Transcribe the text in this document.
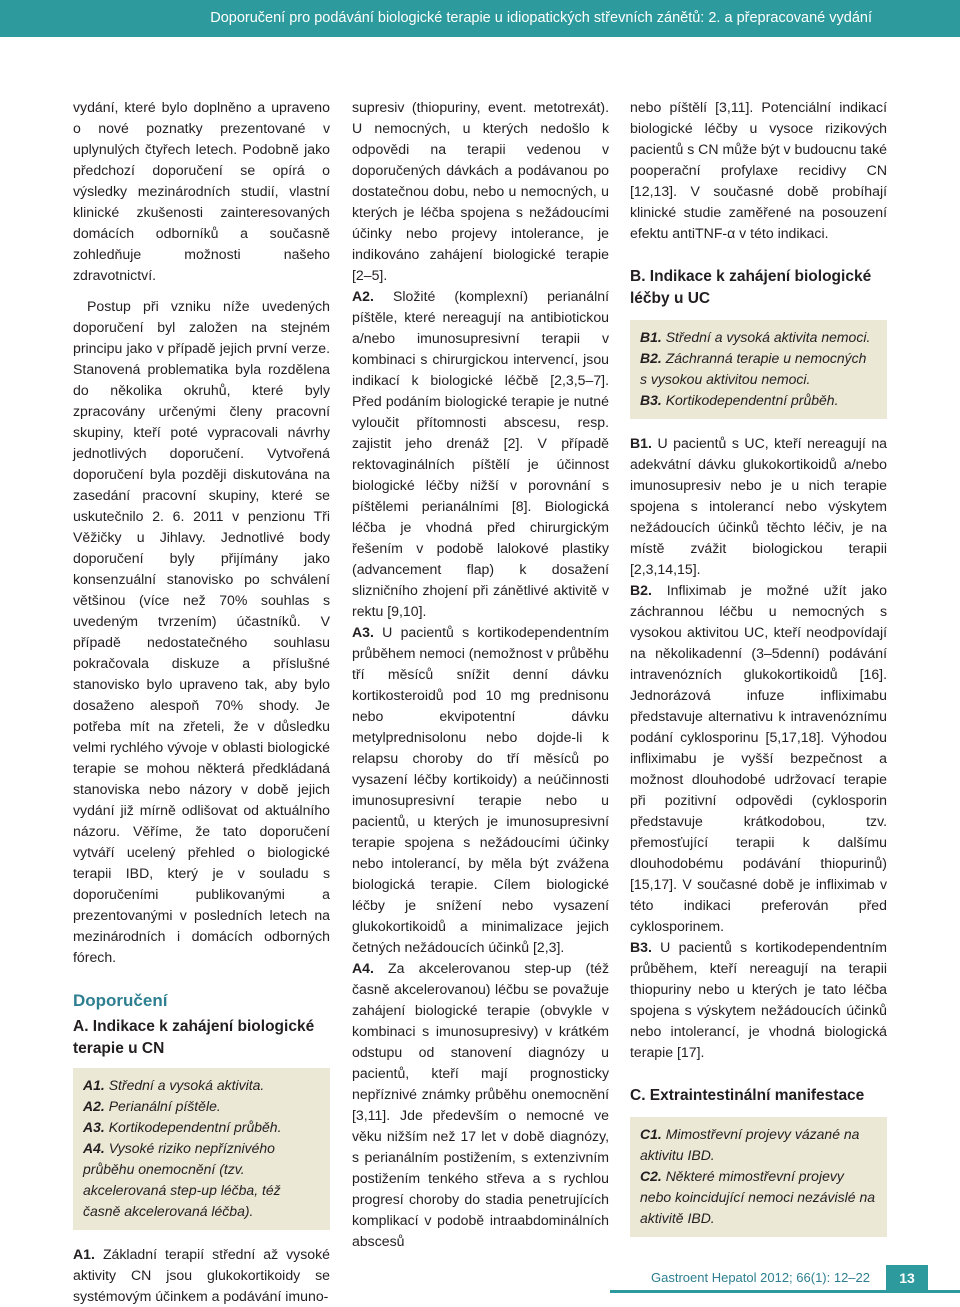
Doporučení pro podávání biologické terapie u idiopatických střevních zánětů: 2. a přepracované vydání

vydání, které bylo doplněno a upraveno o nové poznatky prezentované v uplynulých čtyřech letech. Podobně jako předchozí doporučení se opírá o výsledky mezinárodních studií, vlastní klinické zkušenosti zainteresovaných domácích odborníků a současně zohledňuje možnosti našeho zdravotnictví.

Postup při vzniku níže uvedených doporučení byl založen na stejném principu jako v případě jejich první verze. Stanovená problematika byla rozdělena do několika okruhů, které byly zpracovány určenými členy pracovní skupiny, kteří poté vypracovali návrhy jednotlivých doporučení. Vytvořená doporučení byla později diskutována na zasedání pracovní skupiny, které se uskutečnilo 2. 6. 2011 v penzionu Tři Věžičky u Jihlavy. Jednotlivé body doporučení byly přijímány jako konsenzuální stanovisko po schválení většinou (více než 70% souhlas s uvedeným tvrzením) účastníků. V případě nedostatečného souhlasu pokračovala diskuze a příslušné stanovisko bylo upraveno tak, aby bylo dosaženo alespoň 70% shody. Je potřeba mít na zřeteli, že v důsledku velmi rychlého vývoje v oblasti biologické terapie se mohou některá předkládaná stanoviska nebo názory v době jejich vydání již mírně odlišovat od aktuálního názoru. Věříme, že tato doporučení vytváří ucelený přehled o biologické terapii IBD, který je v souladu s doporučeními publikovanými a prezentovanými v posledních letech na mezinárodních i domácích odborných fórech.

Doporučení
A. Indikace k zahájení biologické terapie u CN
A1. Střední a vysoká aktivita.
A2. Perianální píštěle.
A3. Kortikodependentní průběh.
A4. Vysoké riziko nepříznivého průběhu onemocnění (tzv. akcelerovaná step-up léčba, též časně akcelerovaná léčba).

A1. Základní terapií střední až vysoké aktivity CN jsou glukokortikoidy se systémovým účinkem a podávání imuno-

supresiv (thiopuriny, event. metotrexát). U nemocných, u kterých nedošlo k odpovědi na terapii vedenou v doporučených dávkách a podávanou po dostatečnou dobu, nebo u nemocných, u kterých je léčba spojena s nežádoucími účinky nebo projevy intolerance, je indikováno zahájení biologické terapie [2–5].

A2. Složité (komplexní) perianální píštěle, které nereagují na antibiotickou a/nebo imunosupresivní terapii v kombinaci s chirurgickou intervencí, jsou indikací k biologické léčbě [2,3,5–7]. Před podáním biologické terapie je nutné vyloučit přítomnosti abscesu, resp. zajistit jeho drenáž [2]. V případě rektovaginálních píštělí je účinnost biologické léčby nižší v porovnání s píštělemi perianálními [8]. Biologická léčba je vhodná před chirurgickým řešením v podobě lalokové plastiky (advancement flap) k dosažení slizničního zhojení při zánětlivé aktivitě v rektu [9,10].

A3. U pacientů s kortikodependentním průběhem nemoci (nemožnost v průběhu tří měsíců snížit denní dávku kortikosteroidů pod 10 mg prednisonu nebo ekvipotentní dávku metylprednisolonu nebo dojde-li k relapsu choroby do tří měsíců po vysazení léčby kortikoidy) a neúčinnosti imunosupresivní terapie nebo u pacientů, u kterých je imunosupresivní terapie spojena s nežádoucími účinky nebo intolerancí, by měla být zvážena biologická terapie. Cílem biologické léčby je snížení nebo vysazení glukokortikoidů a minimalizace jejich četných nežádoucích účinků [2,3].

A4. Za akcelerovanou step-up (též časně akcelerovanou) léčbu se považuje zahájení biologické terapie (obvykle v kombinaci s imunosupresivy) v krátkém odstupu od stanovení diagnózy u pacientů, kteří mají prognosticky nepříznivé známky průběhu onemocnění [3,11]. Jde především o nemocné ve věku nižším než 17 let v době diagnózy, s perianálním postižením, s extenzivním postižením tenkého střeva a s rychlou progresí choroby do stadia penetrujících komplikací v podobě intraabdominálních abscesů

nebo píštělí [3,11]. Potenciální indikací biologické léčby u vysoce rizikových pacientů s CN může být v budoucnu také pooperační profylaxe recidivy CN [12,13]. V současné době probíhají klinické studie zaměřené na posouzení efektu antiTNF-α v této indikaci.

B. Indikace k zahájení biologické léčby u UC
B1. Střední a vysoká aktivita nemoci.
B2. Záchranná terapie u nemocných s vysokou aktivitou nemoci.
B3. Kortikodependentní průběh.

B1. U pacientů s UC, kteří nereagují na adekvátní dávku glukokortikoidů a/nebo imunosupresiv nebo je u nich terapie spojena s intolerancí nebo výskytem nežádoucích účinků těchto léčiv, je na místě zvážit biologickou terapii [2,3,14,15].

B2. Infliximab je možné užít jako záchrannou léčbu u nemocných s vysokou aktivitou UC, kteří neodpovídají na několikadenní (3–5denní) podávání intravenózních glukokortikoidů [16]. Jednorázová infuze infliximabu představuje alternativu k intravenóznímu podání cyklosporinu [5,17,18]. Výhodou infliximabu je vyšší bezpečnost a možnost dlouhodobé udržovací terapie při pozitivní odpovědi (cyklosporin představuje krátkodobou, tzv. přemosťující terapii k dalšímu dlouhodobému podávání thiopurinů) [15,17]. V současné době je infliximab v této indikaci preferován před cyklosporinem.

B3. U pacientů s kortikodependentním průběhem, kteří nereagují na terapii thiopuriny nebo u kterých je tato léčba spojena s výskytem nežádoucích účinků nebo intolerancí, je vhodná biologická terapie [17].

C. Extraintestinální manifestace
C1. Mimostřevní projevy vázané na aktivitu IBD.
C2. Některé mimostřevní projevy nebo koincidující nemoci nezávislé na aktivitě IBD.
Gastroent Hepatol 2012; 66(1): 12–22	13
